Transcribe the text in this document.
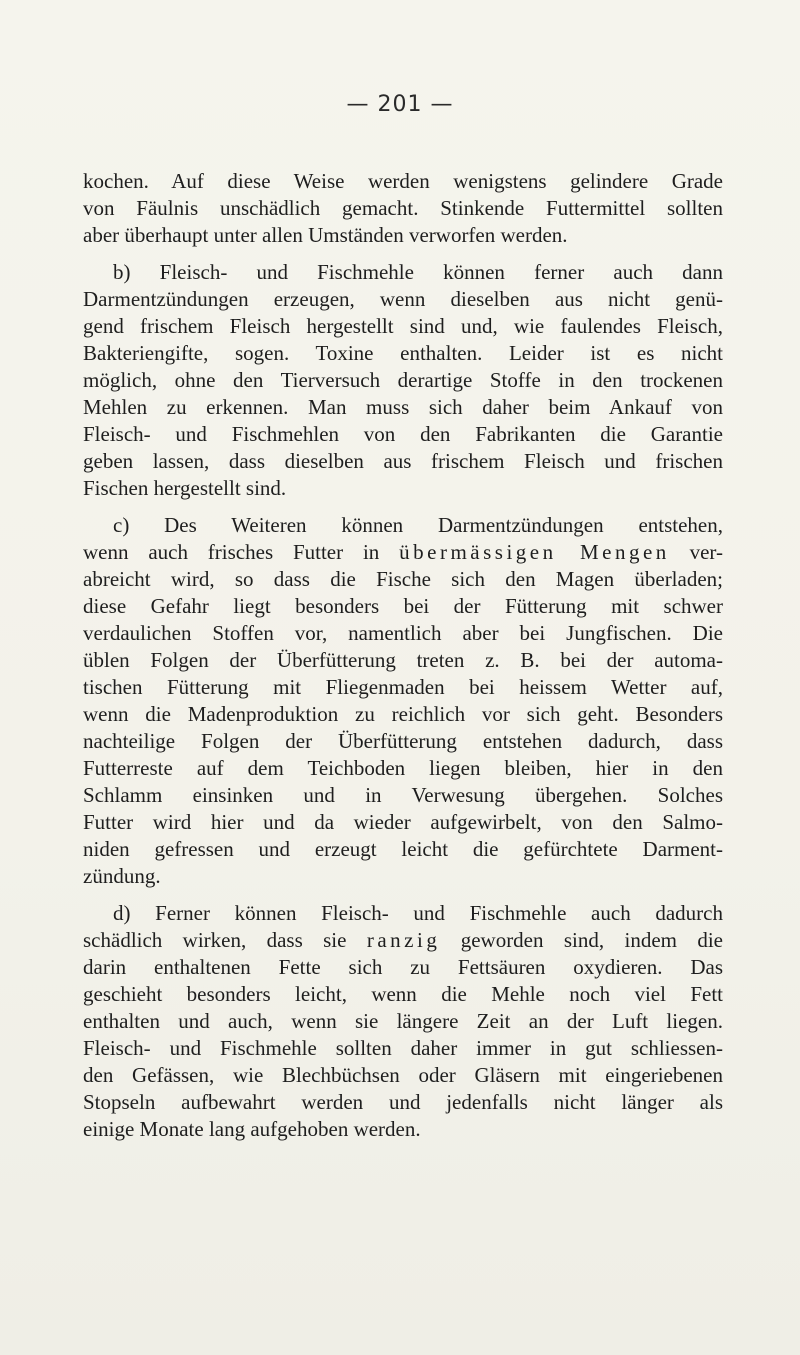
— 201 —
kochen. Auf diese Weise werden wenigstens gelindere Grade
von Fäulnis unschädlich gemacht. Stinkende Futtermittel sollten
aber überhaupt unter allen Umständen verworfen werden.
b) Fleisch- und Fischmehle können ferner auch dann
Darmentzündungen erzeugen, wenn dieselben aus nicht genü-
gend frischem Fleisch hergestellt sind und, wie faulendes Fleisch,
Bakteriengifte, sogen. Toxine enthalten. Leider ist es nicht
möglich, ohne den Tierversuch derartige Stoffe in den trockenen
Mehlen zu erkennen. Man muss sich daher beim Ankauf von
Fleisch- und Fischmehlen von den Fabrikanten die Garantie
geben lassen, dass dieselben aus frischem Fleisch und frischen
Fischen hergestellt sind.
c) Des Weiteren können Darmentzündungen entstehen,
wenn auch frisches Futter in übermässigen Mengen ver-
abreicht wird, so dass die Fische sich den Magen überladen;
diese Gefahr liegt besonders bei der Fütterung mit schwer
verdaulichen Stoffen vor, namentlich aber bei Jungfischen. Die
üblen Folgen der Überfütterung treten z. B. bei der automa-
tischen Fütterung mit Fliegenmaden bei heissem Wetter auf,
wenn die Madenproduktion zu reichlich vor sich geht. Besonders
nachteilige Folgen der Überfütterung entstehen dadurch, dass
Futterreste auf dem Teichboden liegen bleiben, hier in den
Schlamm einsinken und in Verwesung übergehen. Solches
Futter wird hier und da wieder aufgewirbelt, von den Salmo-
niden gefressen und erzeugt leicht die gefürchtete Darment-
zündung.
d) Ferner können Fleisch- und Fischmehle auch dadurch
schädlich wirken, dass sie ranzig geworden sind, indem die
darin enthaltenen Fette sich zu Fettsäuren oxydieren. Das
geschieht besonders leicht, wenn die Mehle noch viel Fett
enthalten und auch, wenn sie längere Zeit an der Luft liegen.
Fleisch- und Fischmehle sollten daher immer in gut schliessen-
den Gefässen, wie Blechbüchsen oder Gläsern mit eingeriebenen
Stopseln aufbewahrt werden und jedenfalls nicht länger als
einige Monate lang aufgehoben werden.
